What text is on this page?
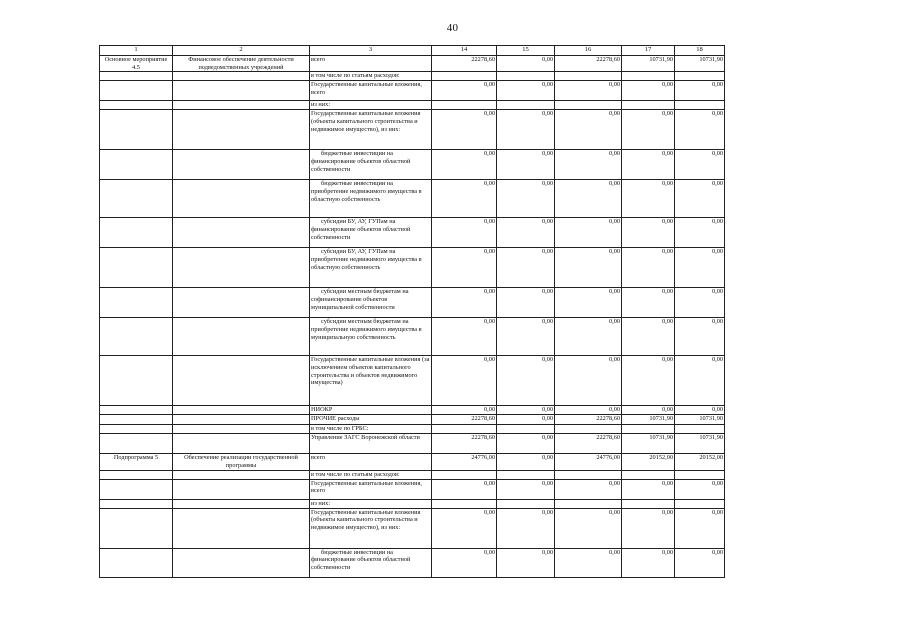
40
1	2	3	14	15	16	17	18
Основное мероприятие 4.5	Финансовое обеспечение деятельности подведомственных учреждений	всего	22278,60	0,00	22278,60	10731,90	10731,90
		в том числе по статьям расходов:					
		Государственные капитальные вложения, всего	0,00	0,00	0,00	0,00	0,00
		из них:					
		Государственные капитальные вложения (объекты капитального строительства и недвижимое имущество), из них:	0,00	0,00	0,00	0,00	0,00
		бюджетные инвестиции на финансирование объектов областной собственности	0,00	0,00	0,00	0,00	0,00
		бюджетные инвестиции на приобретение недвижимого имущества в областную собственность	0,00	0,00	0,00	0,00	0,00
		субсидии БУ, АУ, ГУПам на финансирование объектов областной собственности	0,00	0,00	0,00	0,00	0,00
		субсидии БУ, АУ, ГУПам на приобретение недвижимого имущества в областную собственность	0,00	0,00	0,00	0,00	0,00
		субсидии местным бюджетам на софинансирование объектов муниципальной собственности	0,00	0,00	0,00	0,00	0,00
		субсидии местным бюджетам на приобретение недвижимого имущества в муниципальную собственность	0,00	0,00	0,00	0,00	0,00
		Государственные капитальные вложения (за исключением объектов капитального строительства и объектов недвижимого имущества)	0,00	0,00	0,00	0,00	0,00
		НИОКР	0,00	0,00	0,00	0,00	0,00
		ПРОЧИЕ расходы	22278,60	0,00	22278,60	10731,90	10731,90
		в том числе по ГРБС:					
		Управление ЗАГС Воронежской области	22278,60	0,00	22278,60	10731,90	10731,90
Подпрограмма 5	Обеспечение реализации государственной программы	всего	24776,00	0,00	24776,00	20152,00	20152,00
		в том числе по статьям расходов:					
		Государственные капитальные вложения, всего	0,00	0,00	0,00	0,00	0,00
		из них:					
		Государственные капитальные вложения (объекты капитального строительства и недвижимое имущество), из них:	0,00	0,00	0,00	0,00	0,00
		бюджетные инвестиции на финансирование объектов областной собственности	0,00	0,00	0,00	0,00	0,00
